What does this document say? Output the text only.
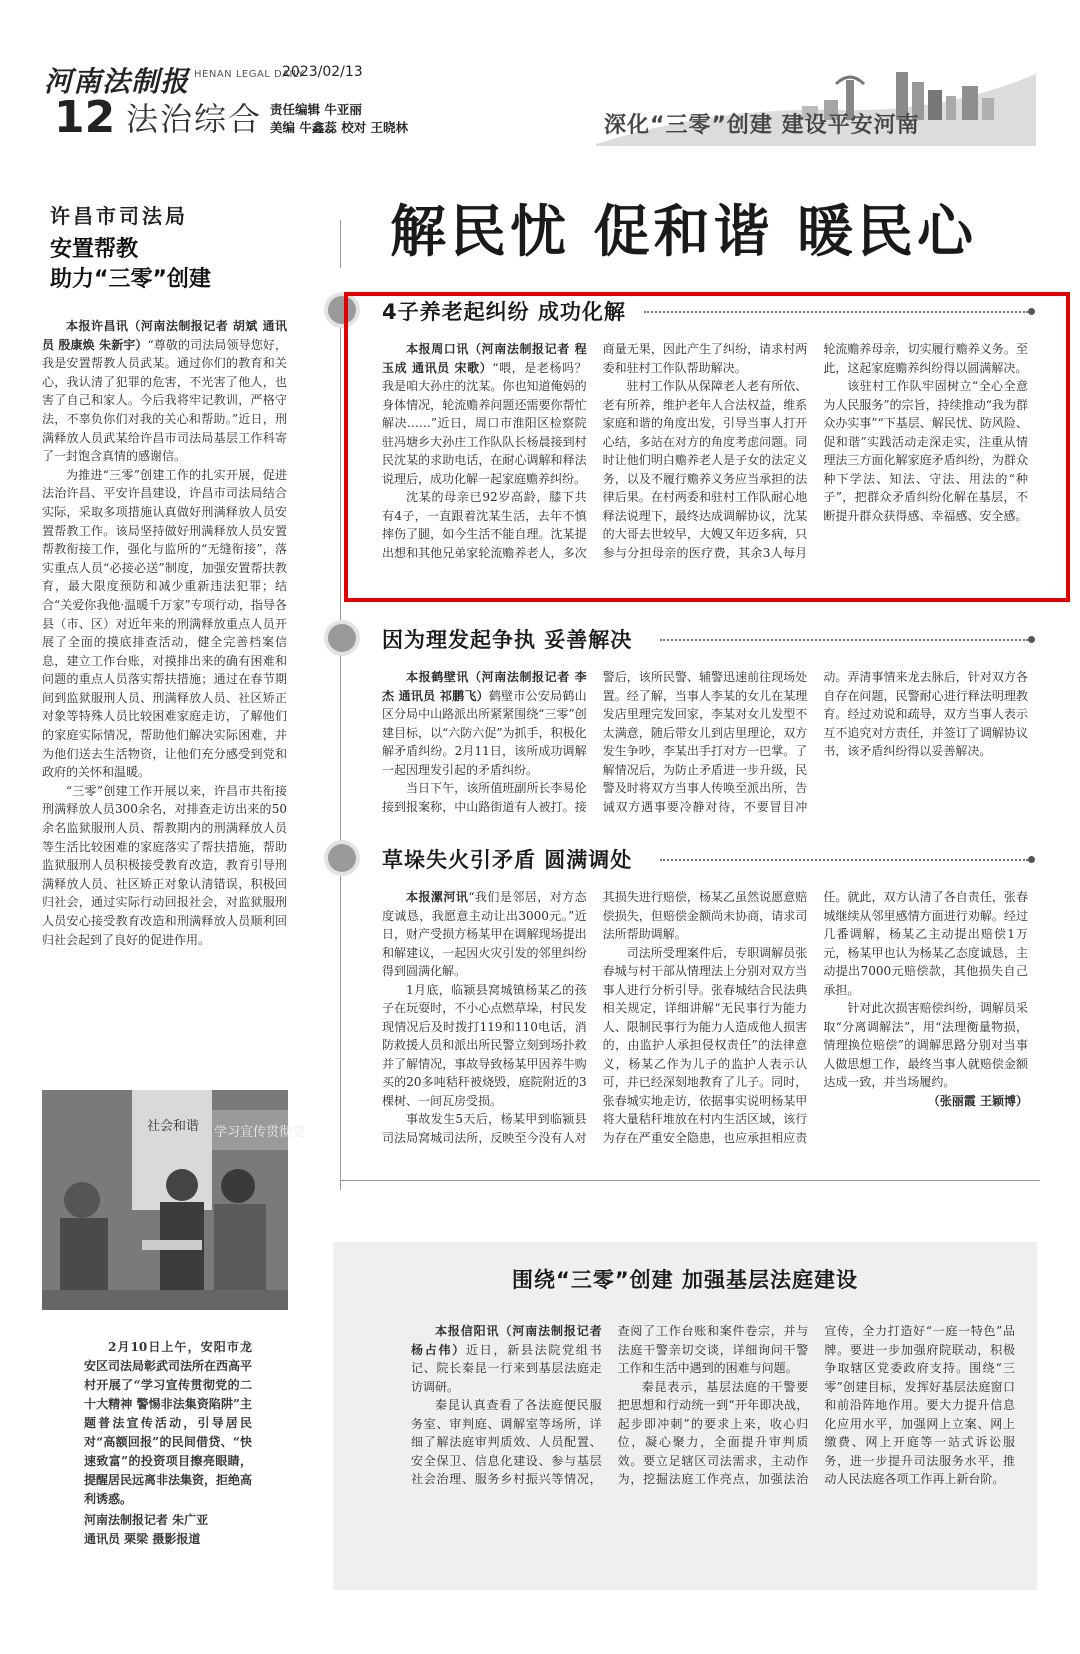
河南法制报 HENAN LEGAL DAILY
2023/02/13
12 法治综合 责任编辑 牛亚丽
美编 牛鑫蕊 校对 王晓林	深化“三零”创建 建设平安河南
许昌市司法局
安置帮教
助力“三零”创建

本报许昌讯（河南法制报记者 胡斌 通讯员 殷康焕 朱新宇）“尊敬的司法局领导您好，我是安置帮教人员武某。通过你们的教育和关心，我认清了犯罪的危害，不光害了他人，也害了自己和家人。今后我将牢记教训，严格守法，不辜负你们对我的关心和帮助。”近日，刑满释放人员武某给许昌市司法局基层工作科寄了一封饱含真情的感谢信。

为推进“三零”创建工作的扎实开展，促进法治许昌、平安许昌建设，许昌市司法局结合实际，采取多项措施认真做好刑满释放人员安置帮教工作。该局坚持做好刑满释放人员安置帮教衔接工作，强化与监所的“无缝衔接”，落实重点人员“必接必送”制度，加强安置帮扶教育，最大限度预防和减少重新违法犯罪；结合“关爱你我他·温暖千万家”专项行动，指导各县（市、区）对近年来的刑满释放重点人员开展了全面的摸底排查活动，健全完善档案信息，建立工作台账，对摸排出来的确有困难和问题的重点人员落实帮扶措施；通过在春节期间到监狱服刑人员、刑满释放人员、社区矫正对象等特殊人员比较困难家庭走访，了解他们的家庭实际情况，帮助他们解决实际困难，并为他们送去生活物资，让他们充分感受到党和政府的关怀和温暖。

“三零”创建工作开展以来，许昌市共衔接刑满释放人员300余名，对排查走访出来的50余名监狱服刑人员、帮教期内的刑满释放人员等生活比较困难的家庭落实了帮扶措施，帮助监狱服刑人员积极接受教育改造，教育引导刑满释放人员、社区矫正对象认清错误，积极回归社会，通过实际行动回报社会，对监狱服刑人员安心接受教育改造和刑满释放人员顺利回归社会起到了良好的促进作用。

社会和谐 学习宣传贯彻党

2月10日上午，安阳市龙安区司法局彰武司法所在西高平村开展了“学习宣传贯彻党的二十大精神 警惕非法集资陷阱”主题普法宣传活动，引导居民对“高额回报”的民间借贷、“快速致富”的投资项目擦亮眼睛，提醒居民远离非法集资，拒绝高利诱惑。

河南法制报记者 朱广亚
通讯员 栗梁 摄影报道
解民忧 促和谐 暖民心
4子养老起纠纷 成功化解

本报周口讯（河南法制报记者 程玉成 通讯员 宋歌）“喂，是老杨吗？我是咱大孙庄的沈某。你也知道俺妈的身体情况，轮流赡养问题还需要你帮忙解决……”近日，周口市淮阳区检察院驻冯塘乡大孙庄工作队队长杨晨接到村民沈某的求助电话，在耐心调解和释法说理后，成功化解一起家庭赡养纠纷。

沈某的母亲已92岁高龄，膝下共有4子，一直跟着沈某生活，去年不慎摔伤了腿，如今生活不能自理。沈某提出想和其他兄弟家轮流赡养老人，多次商量无果，因此产生了纠纷，请求村两委和驻村工作队帮助解决。

驻村工作队从保障老人老有所依、老有所养，维护老年人合法权益，维系家庭和谐的角度出发，引导当事人打开心结，多站在对方的角度考虑问题。同时让他们明白赡养老人是子女的法定义务，以及不履行赡养义务应当承担的法律后果。在村两委和驻村工作队耐心地释法说理下，最终达成调解协议，沈某的大哥去世较早，大嫂又年迈多病，只参与分担母亲的医疗费，其余3人每月轮流赡养母亲，切实履行赡养义务。至此，这起家庭赡养纠纷得以圆满解决。

该驻村工作队牢固树立“全心全意为人民服务”的宗旨，持续推动“我为群众办实事”“下基层、解民忧、防风险、促和谐”实践活动走深走实，注重从情理法三方面化解家庭矛盾纠纷，为群众种下学法、知法、守法、用法的“种子”，把群众矛盾纠纷化解在基层，不断提升群众获得感、幸福感、安全感。

因为理发起争执 妥善解决

本报鹤壁讯（河南法制报记者 李杰 通讯员 祁鹏飞）鹤壁市公安局鹤山区分局中山路派出所紧紧围绕“三零”创建目标，以“六防六促”为抓手，积极化解矛盾纠纷。2月11日，该所成功调解一起因理发引起的矛盾纠纷。

当日下午，该所值班副所长李易伦接到报案称，中山路街道有人被打。接警后，该所民警、辅警迅速前往现场处置。经了解，当事人李某的女儿在某理发店里理完发回家，李某对女儿发型不太满意，随后带女儿到店里理论，双方发生争吵，李某出手打对方一巴掌。了解情况后，为防止矛盾进一步升级，民警及时将双方当事人传唤至派出所，告诫双方遇事要冷静对待，不要冒目冲动。弄清事情来龙去脉后，针对双方各自存在问题，民警耐心进行释法明理教育。经过劝说和疏导，双方当事人表示互不追究对方责任，并签订了调解协议书，该矛盾纠纷得以妥善解决。

草垛失火引矛盾 圆满调处

本报漯河讯“我们是邻居，对方态度诚恳，我愿意主动让出3000元。”近日，财产受损方杨某甲在调解现场提出和解建议，一起因火灾引发的邻里纠纷得到圆满化解。

1月底，临颍县窝城镇杨某乙的孩子在玩耍时，不小心点燃草垛，村民发现情况后及时拨打119和110电话，消防救援人员和派出所民警立刻到场扑救并了解情况，事故导致杨某甲因养牛购买的20多吨秸秆被烧毁，庭院附近的3棵树、一间瓦房受损。

事故发生5天后，杨某甲到临颍县司法局窝城司法所，反映至今没有人对其损失进行赔偿，杨某乙虽然说愿意赔偿损失，但赔偿金额尚未协商，请求司法所帮助调解。

司法所受理案件后，专职调解员张春城与村干部从情理法上分别对双方当事人进行分析引导。张春城结合民法典相关规定，详细讲解“无民事行为能力人、限制民事行为能力人造成他人损害的，由监护人承担侵权责任”的法律意义，杨某乙作为儿子的监护人表示认可，并已经深刻地教育了儿子。同时，张春城实地走访，依据事实说明杨某甲将大量秸秆堆放在村内生活区域，该行为存在严重安全隐患，也应承担相应责任。就此，双方认清了各自责任，张春城继续从邻里感情方面进行劝解。经过几番调解，杨某乙主动提出赔偿1万元，杨某甲也认为杨某乙态度诚恳，主动提出7000元赔偿款，其他损失自己承担。

针对此次损害赔偿纠纷，调解员采取“分离调解法”，用“法理衡量物损，情理换位赔偿”的调解思路分别对当事人做思想工作，最终当事人就赔偿金额达成一致，并当场履约。

（张丽霞 王颖博）

围绕“三零”创建 加强基层法庭建设

本报信阳讯（河南法制报记者 杨占伟）近日，新县法院党组书记、院长秦昆一行来到基层法庭走访调研。

秦昆认真查看了各法庭便民服务室、审判庭、调解室等场所，详细了解法庭审判质效、人员配置、安全保卫、信息化建设、参与基层社会治理、服务乡村振兴等情况，查阅了工作台账和案件卷宗，并与法庭干警亲切交谈，详细询问干警工作和生活中遇到的困难与问题。

秦昆表示，基层法庭的干警要把思想和行动统一到“开年即决战，起步即冲刺”的要求上来，收心归位，凝心聚力，全面提升审判质效。要立足辖区司法需求，主动作为，挖掘法庭工作亮点，加强法治宣传，全力打造好“一庭一特色”品牌。要进一步加强府院联动，积极争取辖区党委政府支持。围绕“三零”创建目标，发挥好基层法庭窗口和前沿阵地作用。要大力提升信息化应用水平，加强网上立案、网上缴费、网上开庭等一站式诉讼服务，进一步提升司法服务水平，推动人民法庭各项工作再上新台阶。
